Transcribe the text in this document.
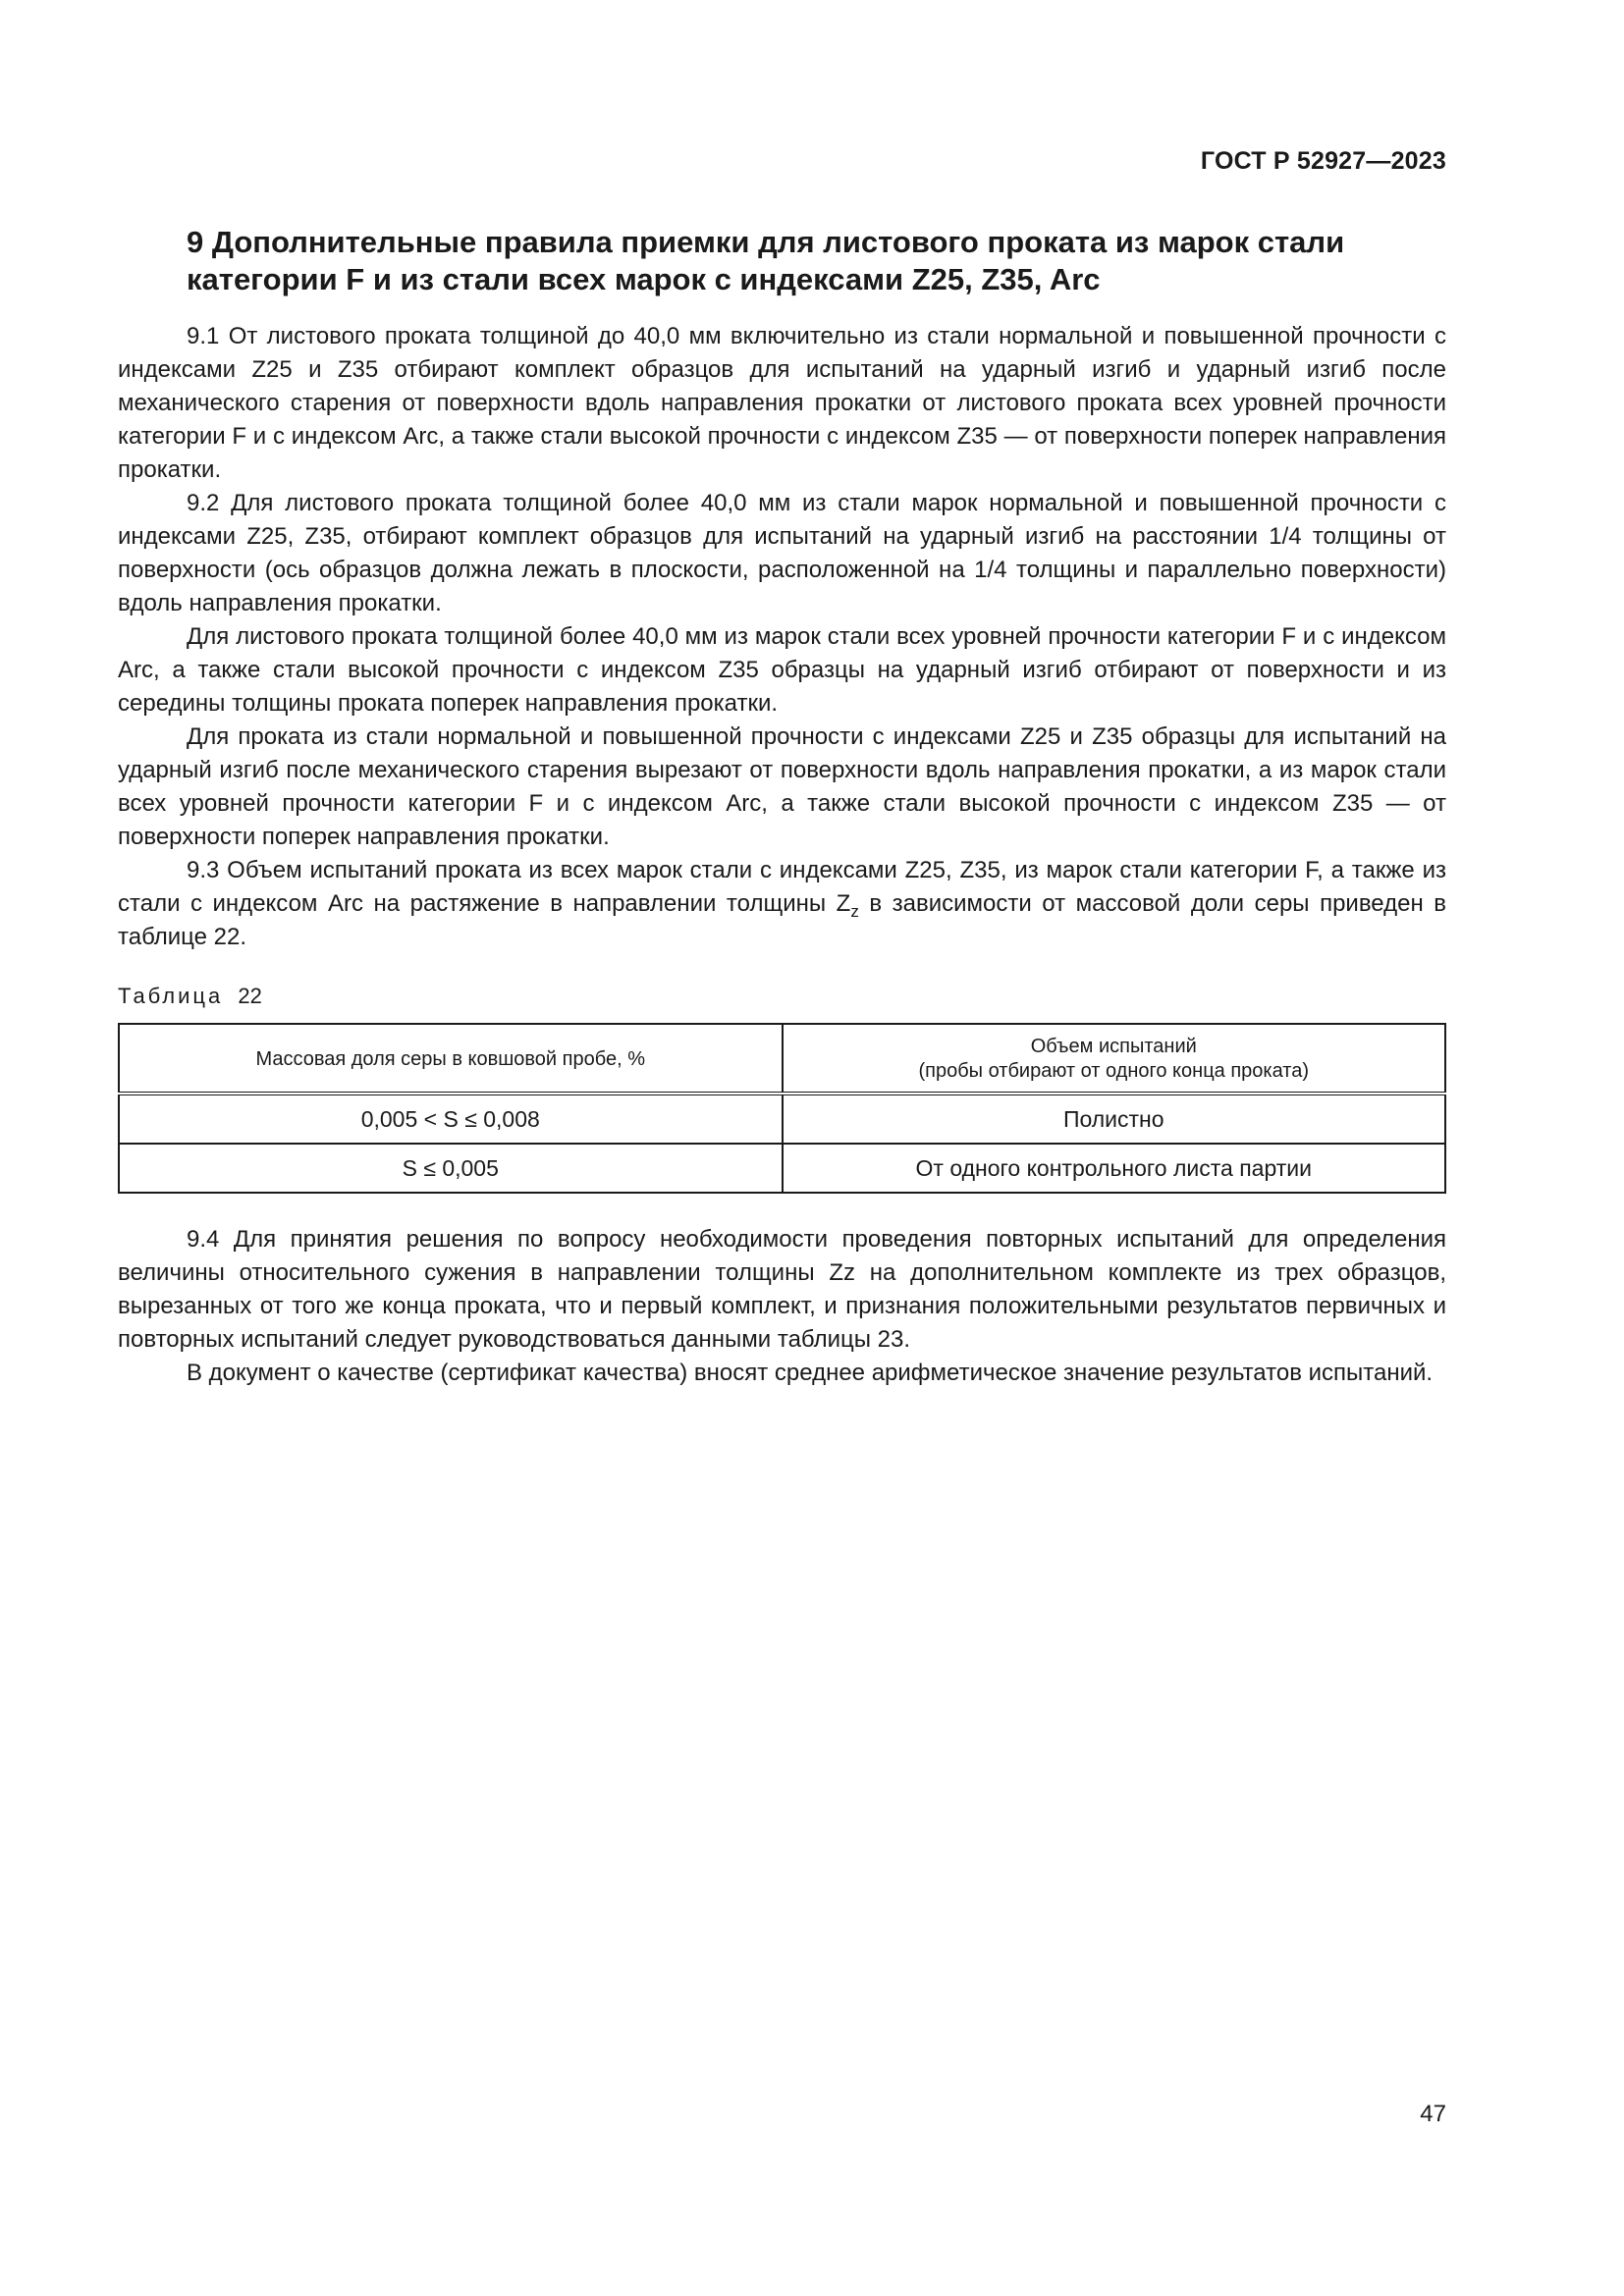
ГОСТ Р 52927—2023
9 Дополнительные правила приемки для листового проката из марок стали категории F и из стали всех марок с индексами Z25, Z35, Arc

9.1 От листового проката толщиной до 40,0 мм включительно из стали нормальной и повышенной прочности с индексами Z25 и Z35 отбирают комплект образцов для испытаний на ударный изгиб и ударный изгиб после механического старения от поверхности вдоль направления прокатки от листового проката всех уровней прочности категории F и с индексом Arc, а также стали высокой прочности с индексом Z35 — от поверхности поперек направления прокатки.

9.2 Для листового проката толщиной более 40,0 мм из стали марок нормальной и повышенной прочности с индексами Z25, Z35, отбирают комплект образцов для испытаний на ударный изгиб на расстоянии 1/4 толщины от поверхности (ось образцов должна лежать в плоскости, расположенной на 1/4 толщины и параллельно поверхности) вдоль направления прокатки.

Для листового проката толщиной более 40,0 мм из марок стали всех уровней прочности категории F и с индексом Arc, а также стали высокой прочности с индексом Z35 образцы на ударный изгиб отбирают от поверхности и из середины толщины проката поперек направления прокатки.

Для проката из стали нормальной и повышенной прочности с индексами Z25 и Z35 образцы для испытаний на ударный изгиб после механического старения вырезают от поверхности вдоль направления прокатки, а из марок стали всех уровней прочности категории F и с индексом Arc, а также стали высокой прочности с индексом Z35 — от поверхности поперек направления прокатки.

9.3 Объем испытаний проката из всех марок стали с индексами Z25, Z35, из марок стали категории F, а также из стали с индексом Arc на растяжение в направлении толщины $Z_z$ в зависимости от массовой доли серы приведен в таблице 22.

Таблица 22
Массовая доля серы в ковшовой пробе, %	Объем испытаний
(пробы отбирают от одного конца проката)

0,005 < S ≤ 0,008	Полистно
S ≤ 0,005	От одного контрольного листа партии

9.4 Для принятия решения по вопросу необходимости проведения повторных испытаний для определения величины относительного сужения в направлении толщины Zz на дополнительном комплекте из трех образцов, вырезанных от того же конца проката, что и первый комплект, и признания положительными результатов первичных и повторных испытаний следует руководствоваться данными таблицы 23.

В документ о качестве (сертификат качества) вносят среднее арифметическое значение результатов испытаний.

47
